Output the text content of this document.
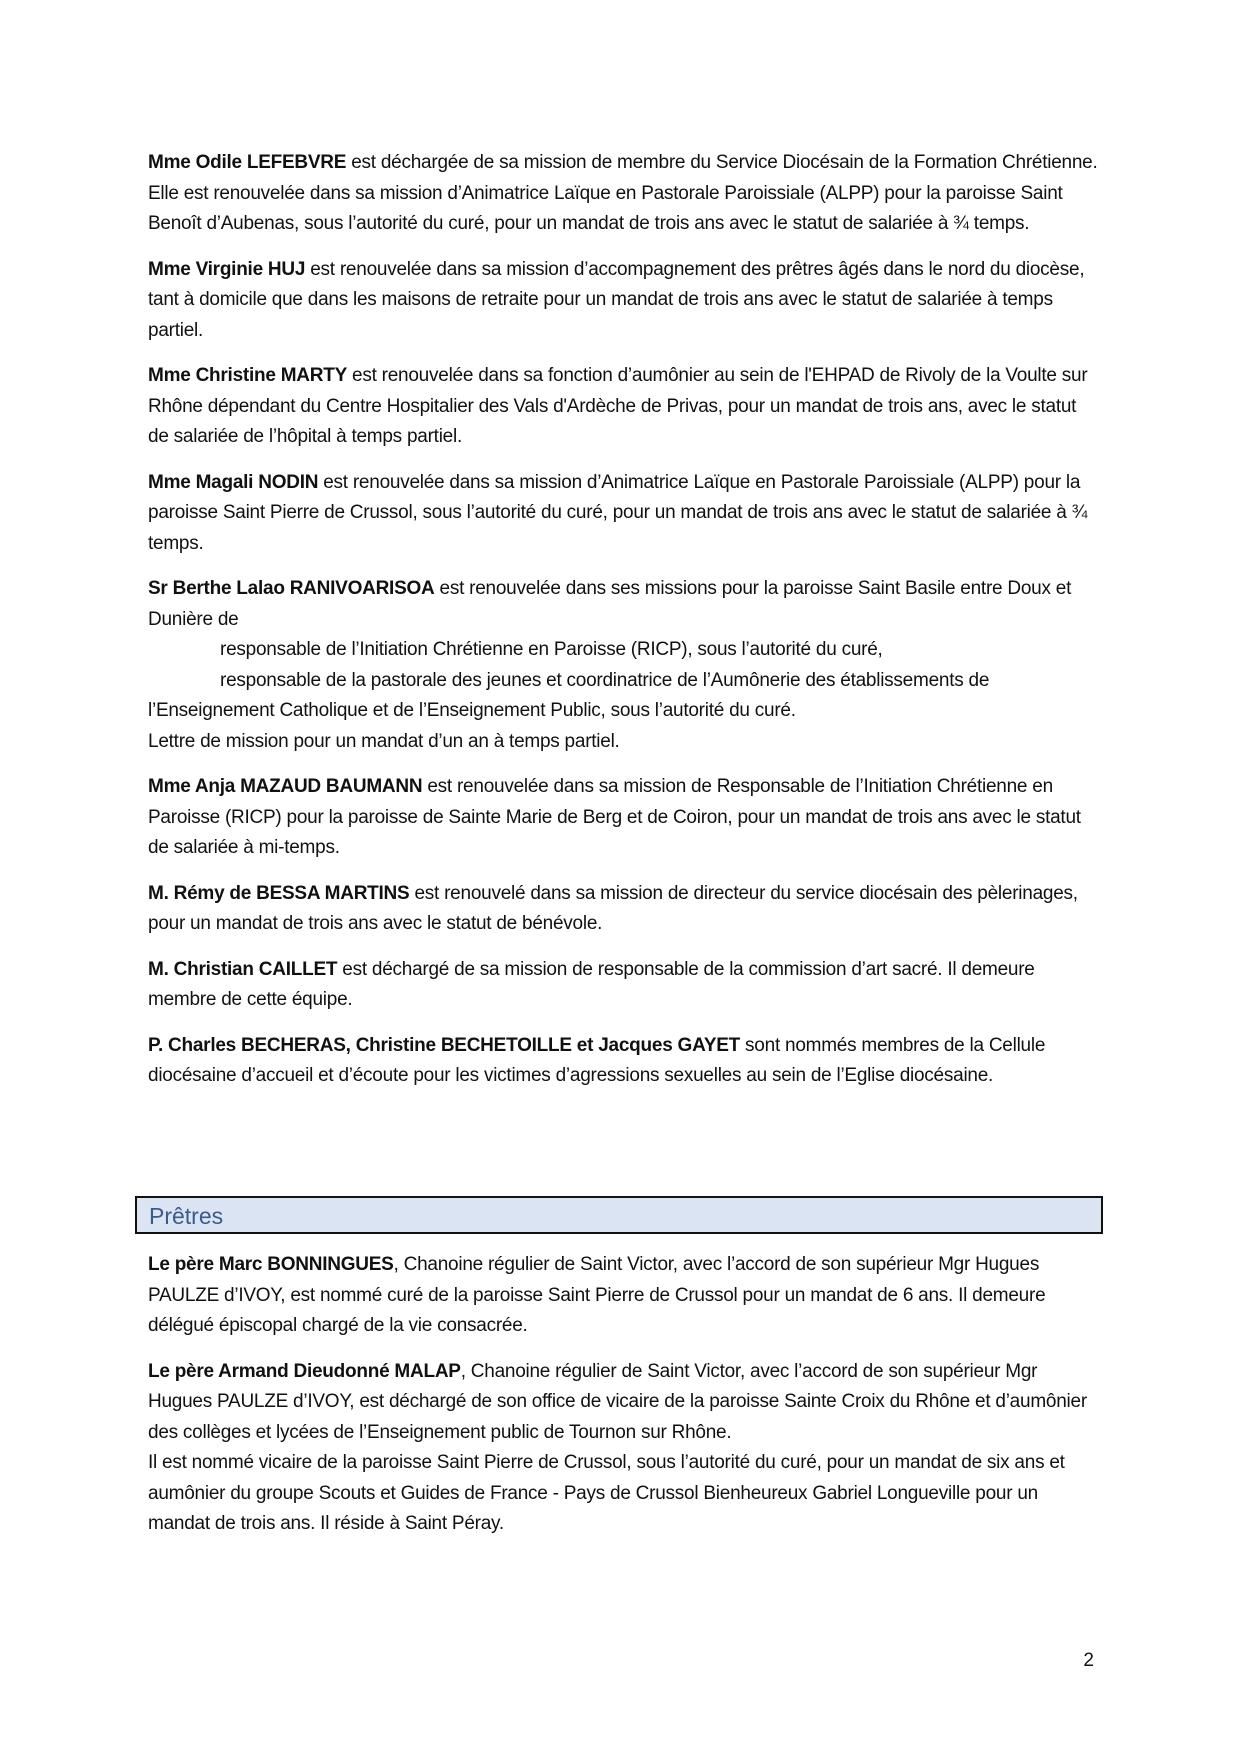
Mme Odile LEFEBVRE est déchargée de sa mission de membre du Service Diocésain de la Formation Chrétienne. Elle est renouvelée dans sa mission d’Animatrice Laïque en Pastorale Paroissiale (ALPP) pour la paroisse Saint Benoît d’Aubenas, sous l’autorité du curé, pour un mandat de trois ans avec le statut de salariée à ¾ temps.

Mme Virginie HUJ est renouvelée dans sa mission d’accompagnement des prêtres âgés dans le nord du diocèse, tant à domicile que dans les maisons de retraite pour un mandat de trois ans avec le statut de salariée à temps partiel.

Mme Christine MARTY est renouvelée dans sa fonction d’aumônier au sein de l'EHPAD de Rivoly de la Voulte sur Rhône dépendant du Centre Hospitalier des Vals d'Ardèche de Privas, pour un mandat de trois ans, avec le statut de salariée de l’hôpital à temps partiel.

Mme Magali NODIN est renouvelée dans sa mission d’Animatrice Laïque en Pastorale Paroissiale (ALPP) pour la paroisse Saint Pierre de Crussol, sous l’autorité du curé, pour un mandat de trois ans avec le statut de salariée à ¾ temps.

Sr Berthe Lalao RANIVOARISOA est renouvelée dans ses missions pour la paroisse Saint Basile entre Doux et Dunière de
responsable de l’Initiation Chrétienne en Paroisse (RICP), sous l’autorité du curé,
responsable de la pastorale des jeunes et coordinatrice de l’Aumônerie des établissements de
l’Enseignement Catholique et de l’Enseignement Public, sous l’autorité du curé.
Lettre de mission pour un mandat d’un an à temps partiel.

Mme Anja MAZAUD BAUMANN est renouvelée dans sa mission de Responsable de l’Initiation Chrétienne en Paroisse (RICP) pour la paroisse de Sainte Marie de Berg et de Coiron, pour un mandat de trois ans avec le statut de salariée à mi-temps.

M. Rémy de BESSA MARTINS est renouvelé dans sa mission de directeur du service diocésain des pèlerinages, pour un mandat de trois ans avec le statut de bénévole.

M. Christian CAILLET est déchargé de sa mission de responsable de la commission d’art sacré. Il demeure membre de cette équipe.

P. Charles BECHERAS, Christine BECHETOILLE et Jacques GAYET sont nommés membres de la Cellule diocésaine d’accueil et d’écoute pour les victimes d’agressions sexuelles au sein de l’Eglise diocésaine.

Prêtres

Le père Marc BONNINGUES, Chanoine régulier de Saint Victor, avec l’accord de son supérieur Mgr Hugues PAULZE d’IVOY, est nommé curé de la paroisse Saint Pierre de Crussol pour un mandat de 6 ans. Il demeure délégué épiscopal chargé de la vie consacrée.

Le père Armand Dieudonné MALAP, Chanoine régulier de Saint Victor, avec l’accord de son supérieur Mgr Hugues PAULZE d’IVOY, est déchargé de son office de vicaire de la paroisse Sainte Croix du Rhône et d’aumônier des collèges et lycées de l’Enseignement public de Tournon sur Rhône.
Il est nommé vicaire de la paroisse Saint Pierre de Crussol, sous l’autorité du curé, pour un mandat de six ans et aumônier du groupe Scouts et Guides de France - Pays de Crussol Bienheureux Gabriel Longueville pour un mandat de trois ans. Il réside à Saint Péray.

2
